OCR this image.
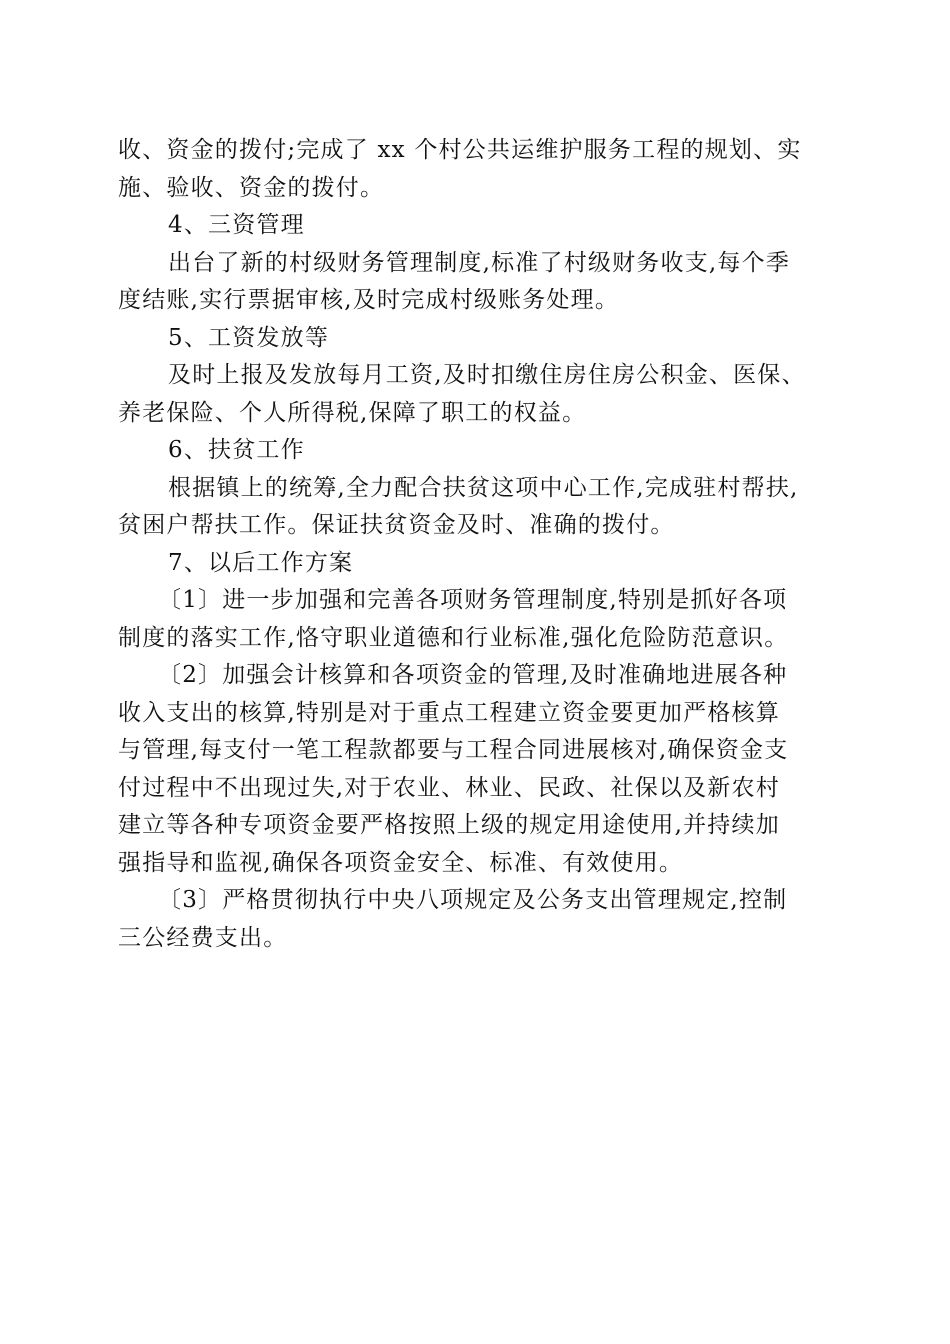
收、资金的拨付;完成了 xx 个村公共运维护服务工程的规划、实
施、验收、资金的拨付。
4、三资管理
出台了新的村级财务管理制度,标准了村级财务收支,每个季
度结账,实行票据审核,及时完成村级账务处理。
5、工资发放等
及时上报及发放每月工资,及时扣缴住房住房公积金、医保、
养老保险、个人所得税,保障了职工的权益。
6、扶贫工作
根据镇上的统筹,全力配合扶贫这项中心工作,完成驻村帮扶,
贫困户帮扶工作。保证扶贫资金及时、准确的拨付。
7、以后工作方案
〔1〕进一步加强和完善各项财务管理制度,特别是抓好各项
制度的落实工作,恪守职业道德和行业标准,强化危险防范意识。
〔2〕加强会计核算和各项资金的管理,及时准确地进展各种
收入支出的核算,特别是对于重点工程建立资金要更加严格核算
与管理,每支付一笔工程款都要与工程合同进展核对,确保资金支
付过程中不出现过失,对于农业、林业、民政、社保以及新农村
建立等各种专项资金要严格按照上级的规定用途使用,并持续加
强指导和监视,确保各项资金安全、标准、有效使用。
〔3〕严格贯彻执行中央八项规定及公务支出管理规定,控制
三公经费支出。
